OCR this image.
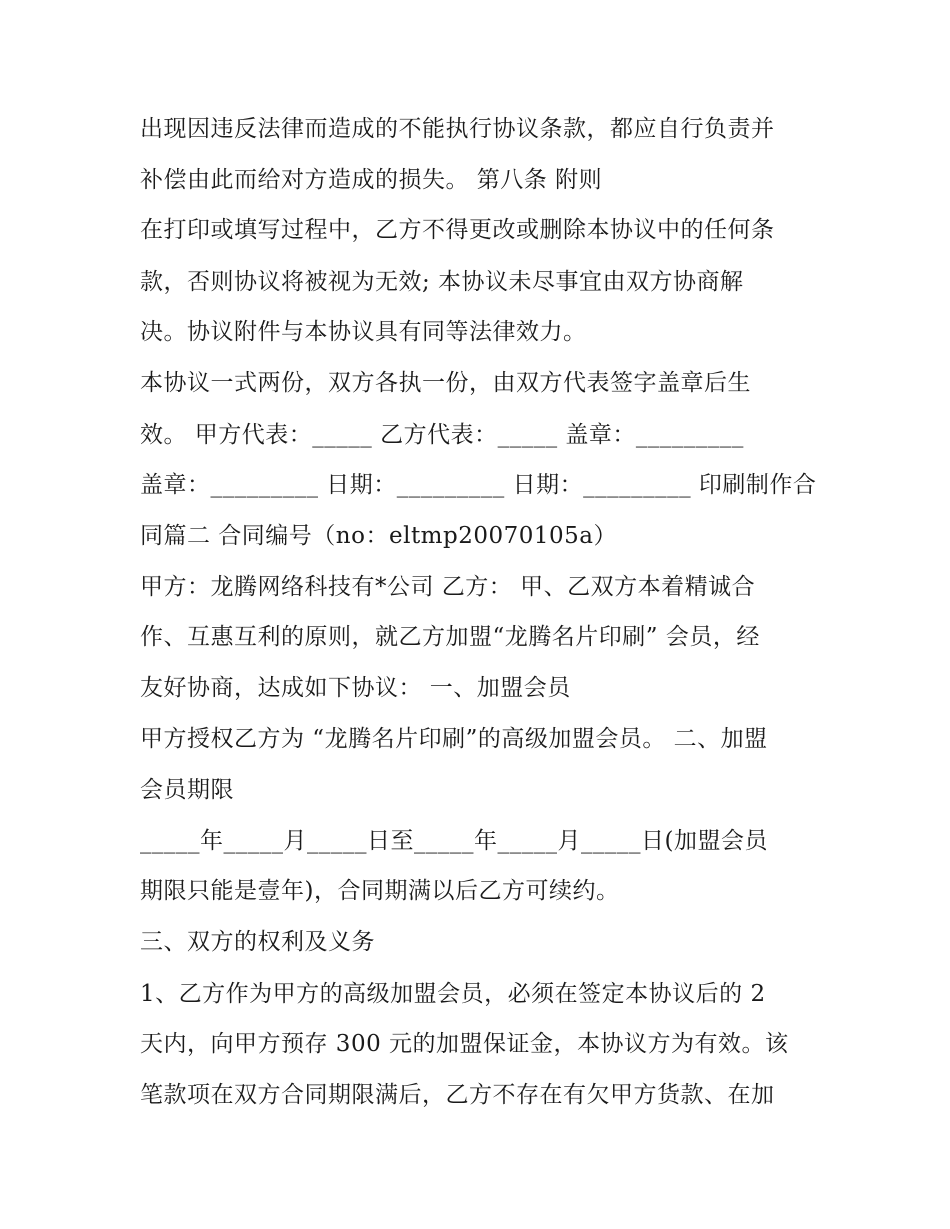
出现因违反法律而造成的不能执行协议条款，都应自行负责并
补偿由此而给对方造成的损失。 第八条 附则
在打印或填写过程中，乙方不得更改或删除本协议中的任何条
款，否则协议将被视为无效; 本协议未尽事宜由双方协商解
决。协议附件与本协议具有同等法律效力。
本协议一式两份，双方各执一份，由双方代表签字盖章后生
效。 甲方代表：_____ 乙方代表：_____ 盖章：_________
盖章：_________ 日期：_________ 日期：_________ 印刷制作合
同篇二 合同编号（no：eltmp20070105a）
甲方：龙腾网络科技有*公司 乙方： 甲、乙双方本着精诚合
作、互惠互利的原则，就乙方加盟“龙腾名片印刷” 会员，经
友好协商，达成如下协议： 一、加盟会员
甲方授权乙方为 “龙腾名片印刷”的高级加盟会员。 二、加盟
会员期限
_____年_____月_____日至_____年_____月_____日(加盟会员
期限只能是壹年)，合同期满以后乙方可续约。
三、双方的权利及义务
1、乙方作为甲方的高级加盟会员，必须在签定本协议后的 2
天内，向甲方预存 300 元的加盟保证金，本协议方为有效。该
笔款项在双方合同期限满后，乙方不存在有欠甲方货款、在加
